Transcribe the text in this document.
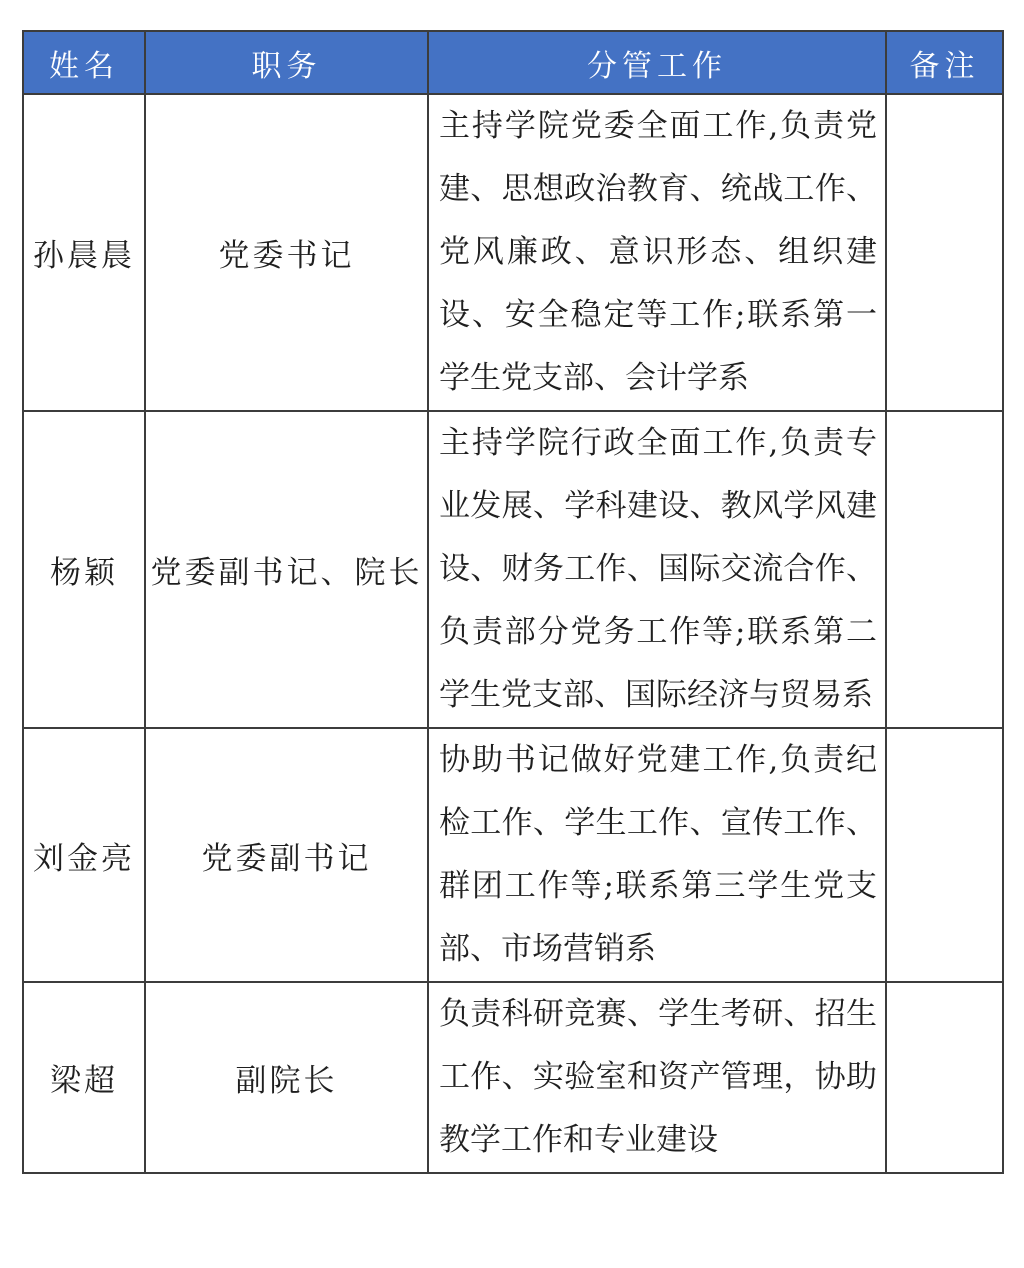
姓名	职务	分管工作	备注
孙晨晨	党委书记	主持学院党委全面工作,负责党建、思想政治教育、统战工作、党风廉政、意识形态、组织建设、安全稳定等工作;联系第一学生党支部、会计学系	
杨颖	党委副书记、院长	主持学院行政全面工作,负责专业发展、学科建设、教风学风建设、财务工作、国际交流合作、负责部分党务工作等;联系第二学生党支部、国际经济与贸易系	
刘金亮	党委副书记	协助书记做好党建工作,负责纪检工作、学生工作、宣传工作、群团工作等;联系第三学生党支部、市场营销系	
梁超	副院长	负责科研竞赛、学生考研、招生工作、实验室和资产管理，协助教学工作和专业建设	
